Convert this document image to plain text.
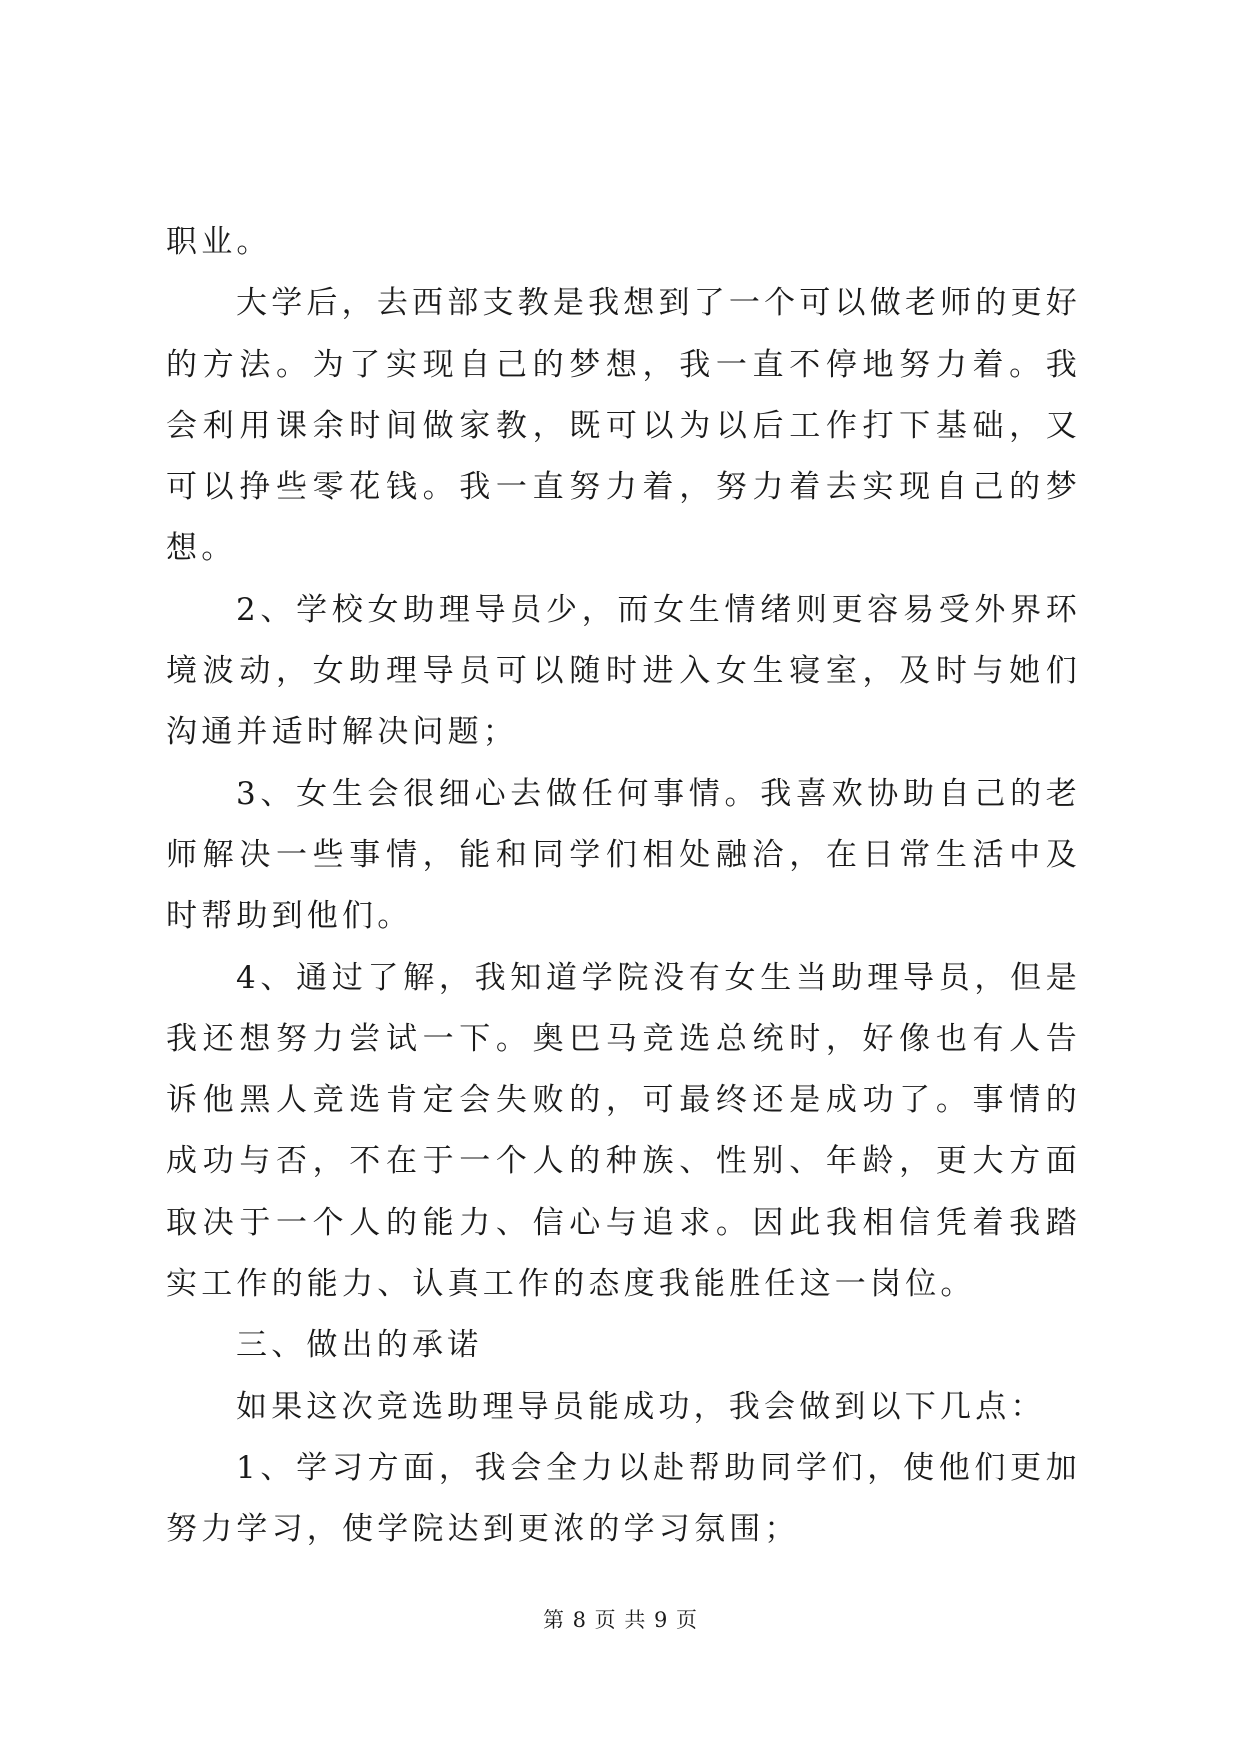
职业。

大学后，去西部支教是我想到了一个可以做老师的更好的方法。为了实现自己的梦想，我一直不停地努力着。我会利用课余时间做家教，既可以为以后工作打下基础，又可以挣些零花钱。我一直努力着，努力着去实现自己的梦想。

2、学校女助理导员少，而女生情绪则更容易受外界环境波动，女助理导员可以随时进入女生寝室，及时与她们沟通并适时解决问题；

3、女生会很细心去做任何事情。我喜欢协助自己的老师解决一些事情，能和同学们相处融洽，在日常生活中及时帮助到他们。

4、通过了解，我知道学院没有女生当助理导员，但是我还想努力尝试一下。奥巴马竞选总统时，好像也有人告诉他黑人竞选肯定会失败的，可最终还是成功了。事情的成功与否，不在于一个人的种族、性别、年龄，更大方面取决于一个人的能力、信心与追求。因此我相信凭着我踏实工作的能力、认真工作的态度我能胜任这一岗位。

三、做出的承诺

如果这次竞选助理导员能成功，我会做到以下几点：

1、学习方面，我会全力以赴帮助同学们，使他们更加努力学习，使学院达到更浓的学习氛围；

第 8 页 共 9 页
